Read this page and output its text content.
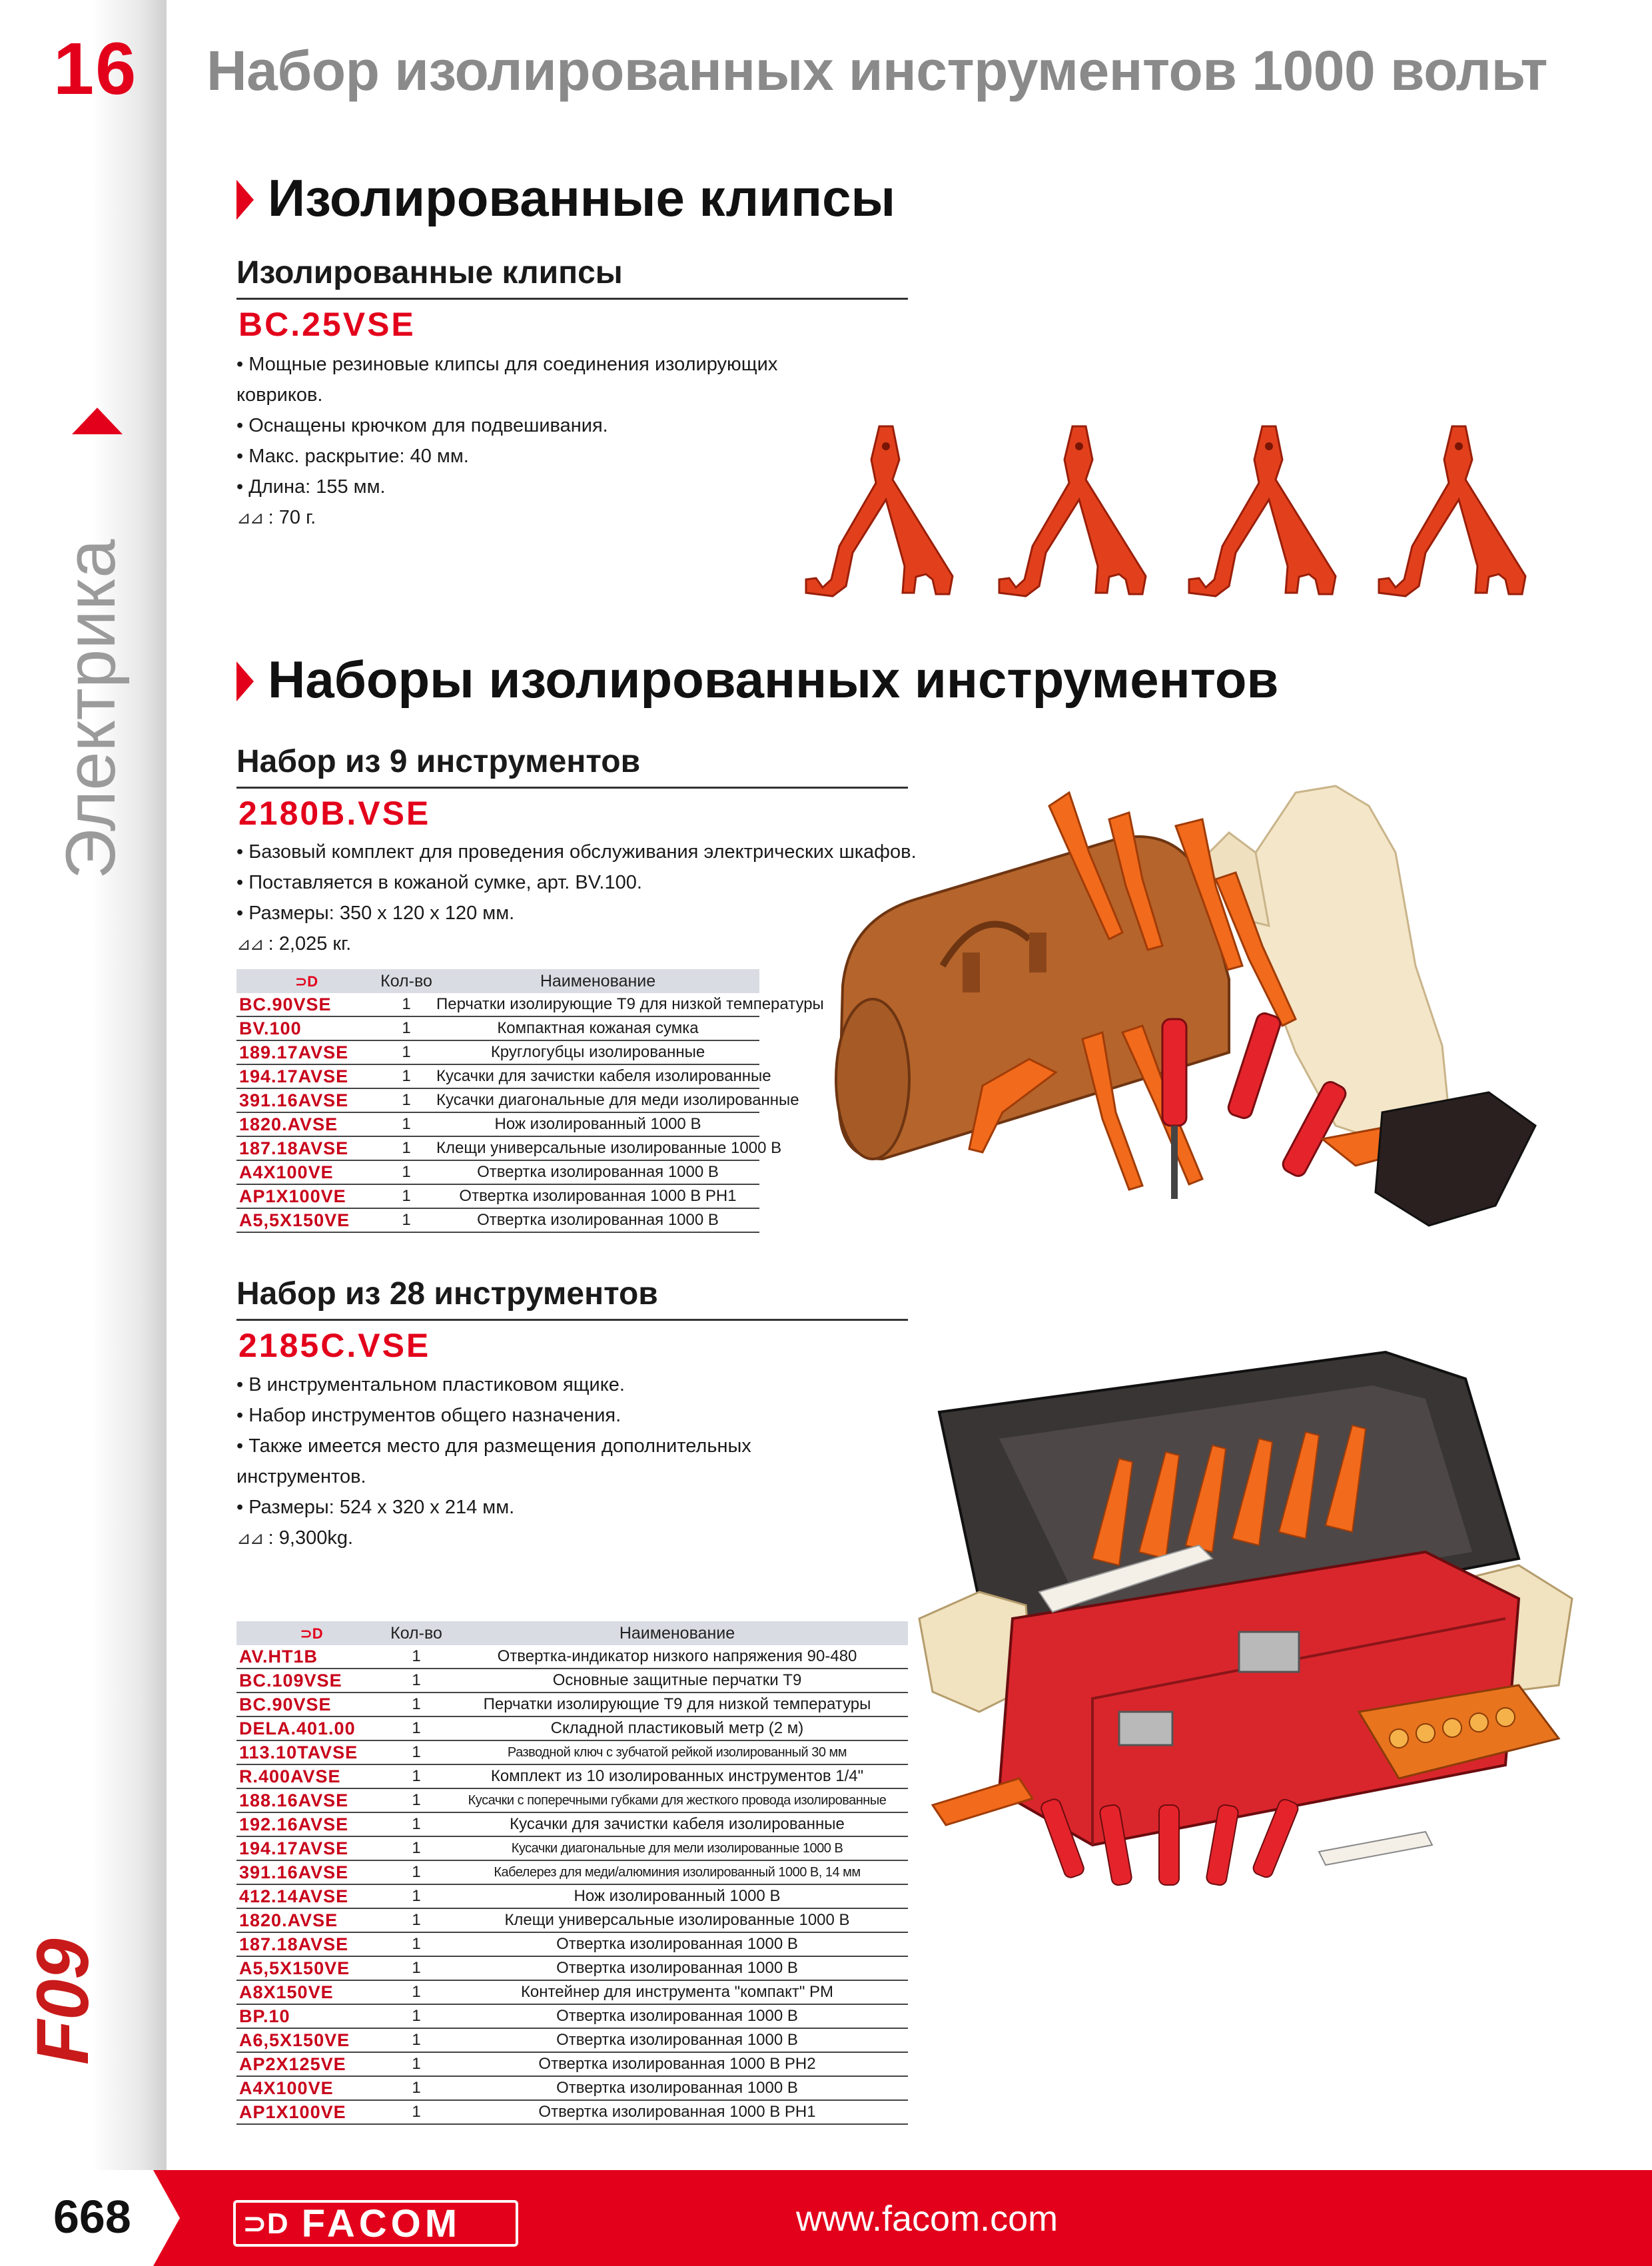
16
Электрика
F09
Набор изолированных инструментов 1000 вольт
Изолированные клипсы
Изолированные клипсы
BC.25VSE
• Мощные резиновые клипсы для соединения изолирующих
ковриков.
• Оснащены крючком для подвешивания.
• Макс. раскрытие: 40 мм.
• Длина: 155 мм.
⊿⊿ : 70 г.
Наборы изолированных инструментов
Набор из 9 инструментов
2180B.VSE
• Базовый комплект для проведения обслуживания электрических шкафов.
• Поставляется в кожаной сумке, арт. BV.100.
• Размеры: 350 x 120 x 120 мм.
⊿⊿ : 2,025 кг.
⊃D	Кол-во	Наименование
BC.90VSE	1	Перчатки изолирующие T9 для низкой температуры
BV.100	1	Компактная кожаная сумка
189.17AVSE	1	Круглогубцы изолированные
194.17AVSE	1	Кусачки для зачистки кабеля изолированные
391.16AVSE	1	Кусачки диагональные для меди изолированные
1820.AVSE	1	Нож изолированный 1000 В
187.18AVSE	1	Клещи универсальные изолированные 1000 В
A4X100VE	1	Отвертка изолированная 1000 В
AP1X100VE	1	Отвертка изолированная 1000 В PH1
A5,5X150VE	1	Отвертка изолированная 1000 В
Набор из 28 инструментов
2185C.VSE
• В инструментальном пластиковом ящике.
• Набор инструментов общего назначения.
• Также имеется место для размещения дополнительных
инструментов.
• Размеры: 524 x 320 x 214 мм.
⊿⊿ : 9,300kg.
⊃D	Кол-во	Наименование
AV.HT1B	1	Отвертка-индикатор низкого напряжения 90-480
BC.109VSE	1	Основные защитные перчатки T9
BC.90VSE	1	Перчатки изолирующие T9 для низкой температуры
DELA.401.00	1	Складной пластиковый метр (2 м)
113.10TAVSE	1	Разводной ключ с зубчатой рейкой изолированный 30 мм
R.400AVSE	1	Комплект из 10 изолированных инструментов 1/4"
188.16AVSE	1	Кусачки с поперечными губками для жесткого провода изолированные
192.16AVSE	1	Кусачки для зачистки кабеля изолированные
194.17AVSE	1	Кусачки диагональные для мели изолированные 1000 В
391.16AVSE	1	Кабелерез для меди/алюминия изолированный 1000 В, 14 мм
412.14AVSE	1	Нож изолированный 1000 В
1820.AVSE	1	Клещи универсальные изолированные 1000 В
187.18AVSE	1	Отвертка изолированная 1000 В
A5,5X150VE	1	Отвертка изолированная 1000 В
A8X150VE	1	Контейнер для инструмента "компакт" PM
BP.10	1	Отвертка изолированная 1000 В
A6,5X150VE	1	Отвертка изолированная 1000 В
AP2X125VE	1	Отвертка изолированная 1000 В PH2
A4X100VE	1	Отвертка изолированная 1000 В
AP1X100VE	1	Отвертка изолированная 1000 В PH1
668	⊃D FACOM	www.facom.com
